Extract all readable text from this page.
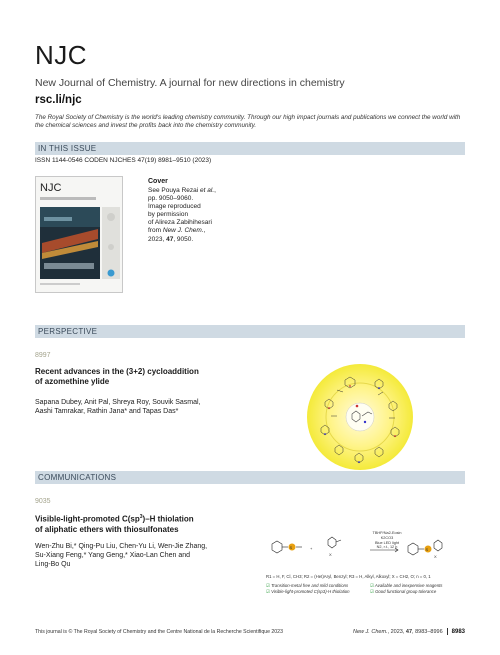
NJC
New Journal of Chemistry. A journal for new directions in chemistry
rsc.li/njc
The Royal Society of Chemistry is the world's leading chemistry community. Through our high impact journals and publications we connect the world with the chemical sciences and invest the profits back into the chemistry community.
IN THIS ISSUE
ISSN 1144-0546 CODEN NJCHES 47(19) 8981–9510 (2023)
NJC
Cover
See Pouya Rezai et al.,
pp. 9050–9060.
Image reproduced
by permission
of Alireza Zabihihesari
from New J. Chem.,
2023, 47, 9050.
PERSPECTIVE
8997
Recent advances in the (3+2) cycloaddition
of azomethine ylide
Sapana Dubey, Anit Pal, Shreya Roy, Souvik Sasmal,
Aashi Tamrakar, Rathin Jana* and Tapas Das*
COMMUNICATIONS
9035
Visible-light-promoted $C(sp^3)-H$ thiolation
of aliphatic ethers with thiosulfonates
Wen-Zhu Bi,* Qing-Pu Liu, Chen-Yu Li, Wen-Jie Zhang,
Su-Xiang Feng,* Yang Geng,* Xiao-Lan Chen and
Ling-Bo Qu
S	S
+
X	X
TBHP/Na2-Eosin
K2CO3
Blue LED light
N2, r.t., 12 h
R1 = H, F, Cl, CH3; R2 = (Het)Aryl, Benzyl; R3 = H, Alkyl, Alkoxyl; X = CH2, O; n = 0, 1
☑ Transition-metal free and mild conditions
☑ Visible-light-promoted C(sp3)-H thiolation
☑ Available and inexpensive reagents
☑ Good functional group tolerance
This journal is © The Royal Society of Chemistry and the Centre National de la Recherche Scientifique 2023	New J. Chem., 2023, 47, 8983–8996 8983
